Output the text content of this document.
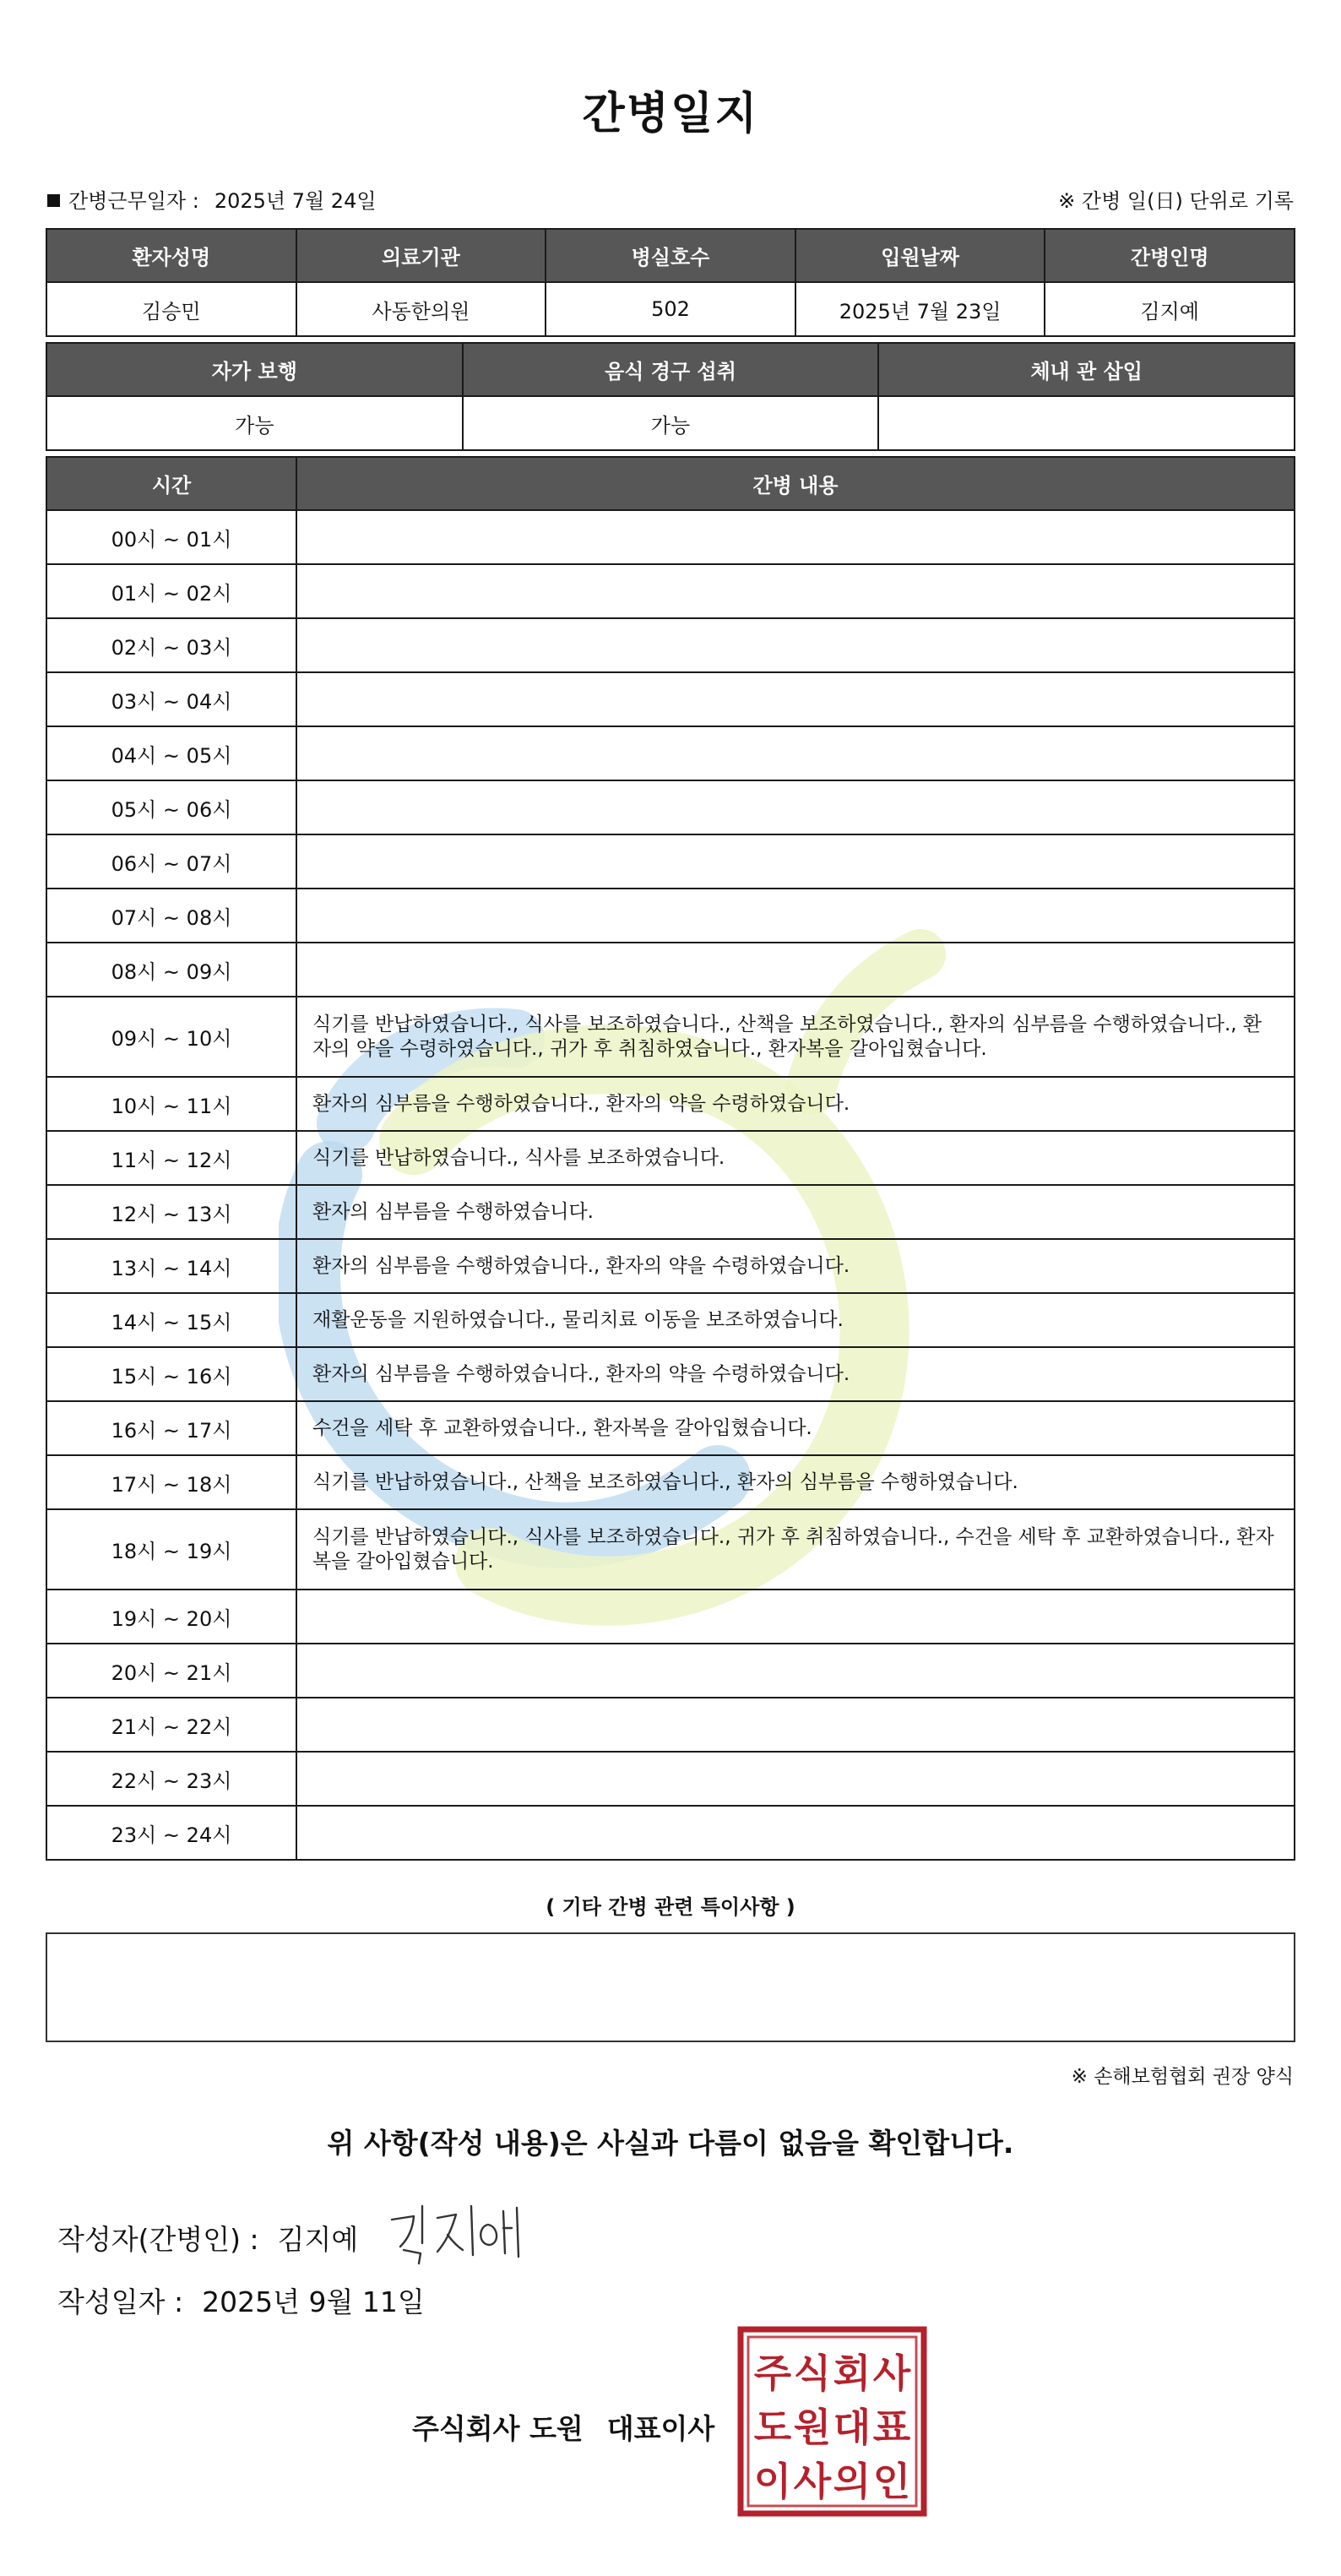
간병일지
간병근무일자 : 2025년 7월 24일	※ 간병 일(日) 단위로 기록
환자성명	의료기관	병실호수	입원날짜	간병인명
김승민	사동한의원	502	2025년 7월 23일	김지예
자가 보행	음식 경구 섭취	체내 관 삽입
가능	가능	
시간	간병 내용
00시 ~ 01시	
01시 ~ 02시	
02시 ~ 03시	
03시 ~ 04시	
04시 ~ 05시	
05시 ~ 06시	
06시 ~ 07시	
07시 ~ 08시	
08시 ~ 09시	
09시 ~ 10시	식기를 반납하였습니다., 식사를 보조하였습니다., 산책을 보조하였습니다., 환자의 심부름을 수행하였습니다., 환자의 약을 수령하였습니다., 귀가 후 취침하였습니다., 환자복을 갈아입혔습니다.
10시 ~ 11시	환자의 심부름을 수행하였습니다., 환자의 약을 수령하였습니다.
11시 ~ 12시	식기를 반납하였습니다., 식사를 보조하였습니다.
12시 ~ 13시	환자의 심부름을 수행하였습니다.
13시 ~ 14시	환자의 심부름을 수행하였습니다., 환자의 약을 수령하였습니다.
14시 ~ 15시	재활운동을 지원하였습니다., 물리치료 이동을 보조하였습니다.
15시 ~ 16시	환자의 심부름을 수행하였습니다., 환자의 약을 수령하였습니다.
16시 ~ 17시	수건을 세탁 후 교환하였습니다., 환자복을 갈아입혔습니다.
17시 ~ 18시	식기를 반납하였습니다., 산책을 보조하였습니다., 환자의 심부름을 수행하였습니다.
18시 ~ 19시	식기를 반납하였습니다., 식사를 보조하였습니다., 귀가 후 취침하였습니다., 수건을 세탁 후 교환하였습니다., 환자복을 갈아입혔습니다.
19시 ~ 20시	
20시 ~ 21시	
21시 ~ 22시	
22시 ~ 23시	
23시 ~ 24시	
( 기타 간병 관련 특이사항 )
※ 손해보험협회 권장 양식
위 사항(작성 내용)은 사실과 다름이 없음을 확인합니다.
작성자(간병인) : 김지예
작성일자 : 2025년 9월 11일
주식회사 도원 대표이사
주 식 회 사
도 원 대 표
이 사 의 인
